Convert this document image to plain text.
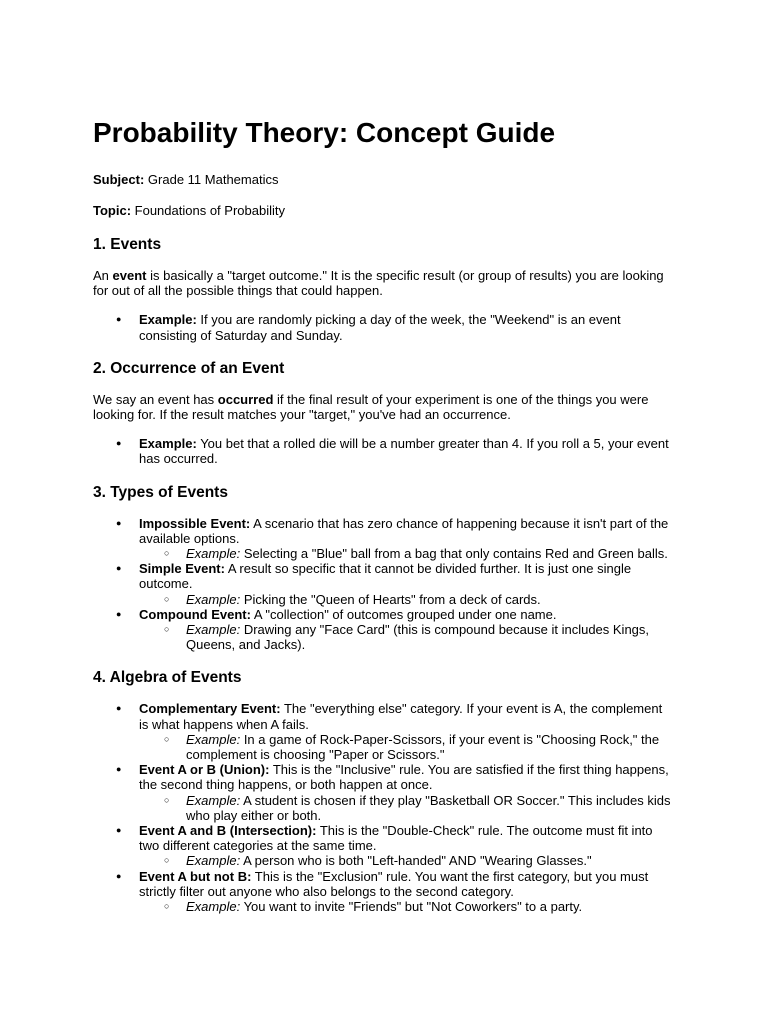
Probability Theory: Concept Guide

Subject: Grade 11 Mathematics

Topic: Foundations of Probability

1. Events

An event is basically a "target outcome." It is the specific result (or group of results) you are looking for out of all the possible things that could happen.

● Example: If you are randomly picking a day of the week, the "Weekend" is an event consisting of Saturday and Sunday.
2. Occurrence of an Event

We say an event has occurred if the final result of your experiment is one of the things you were looking for. If the result matches your "target," you've had an occurrence.

● Example: You bet that a rolled die will be a number greater than 4. If you roll a 5, your event has occurred.
3. Types of Events
● Impossible Event: A scenario that has zero chance of happening because it isn't part of the available options.
○ Example: Selecting a "Blue" ball from a bag that only contains Red and Green balls.
● Simple Event: A result so specific that it cannot be divided further. It is just one single outcome.
○ Example: Picking the "Queen of Hearts" from a deck of cards.
● Compound Event: A "collection" of outcomes grouped under one name.
○ Example: Drawing any "Face Card" (this is compound because it includes Kings, Queens, and Jacks).
4. Algebra of Events
● Complementary Event: The "everything else" category. If your event is A, the complement is what happens when A fails.
○ Example: In a game of Rock-Paper-Scissors, if your event is "Choosing Rock," the complement is choosing "Paper or Scissors."
● Event A or B (Union): This is the "Inclusive" rule. You are satisfied if the first thing happens, the second thing happens, or both happen at once.
○ Example: A student is chosen if they play "Basketball OR Soccer." This includes kids who play either or both.
● Event A and B (Intersection): This is the "Double-Check" rule. The outcome must fit into two different categories at the same time.
○ Example: A person who is both "Left-handed" AND "Wearing Glasses."
● Event A but not B: This is the "Exclusion" rule. You want the first category, but you must strictly filter out anyone who also belongs to the second category.
○ Example: You want to invite "Friends" but "Not Coworkers" to a party.
